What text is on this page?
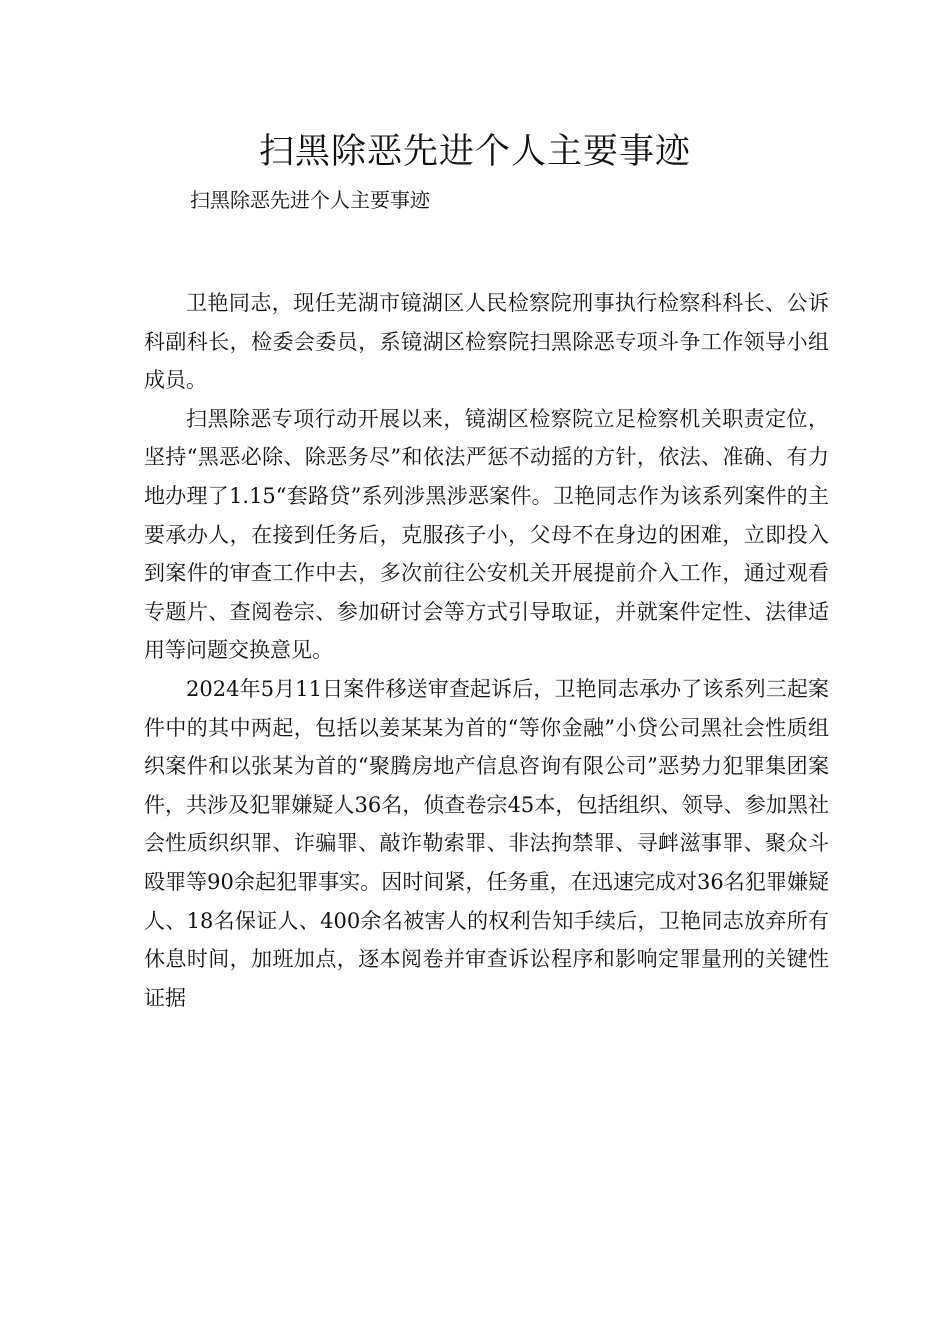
扫黑除恶先进个人主要事迹

扫黑除恶先进个人主要事迹

卫艳同志，现任芜湖市镜湖区人民检察院刑事执行检察科科长、公诉科副科长，检委会委员，系镜湖区检察院扫黑除恶专项斗争工作领导小组成员。

扫黑除恶专项行动开展以来，镜湖区检察院立足检察机关职责定位，坚持“黑恶必除、除恶务尽”和依法严惩不动摇的方针，依法、准确、有力地办理了1.15“套路贷”系列涉黑涉恶案件。卫艳同志作为该系列案件的主要承办人，在接到任务后，克服孩子小，父母不在身边的困难，立即投入到案件的审查工作中去，多次前往公安机关开展提前介入工作，通过观看专题片、查阅卷宗、参加研讨会等方式引导取证，并就案件定性、法律适用等问题交换意见。

2024年5月11日案件移送审查起诉后，卫艳同志承办了该系列三起案件中的其中两起，包括以姜某某为首的“等你金融”小贷公司黑社会性质组织案件和以张某为首的“聚腾房地产信息咨询有限公司”恶势力犯罪集团案件，共涉及犯罪嫌疑人36名，侦查卷宗45本，包括组织、领导、参加黑社会性质织织罪、诈骗罪、敲诈勒索罪、非法拘禁罪、寻衅滋事罪、聚众斗殴罪等90余起犯罪事实。因时间紧，任务重，在迅速完成对36名犯罪嫌疑人、18名保证人、400余名被害人的权利告知手续后，卫艳同志放弃所有休息时间，加班加点，逐本阅卷并审查诉讼程序和影响定罪量刑的关键性证据
